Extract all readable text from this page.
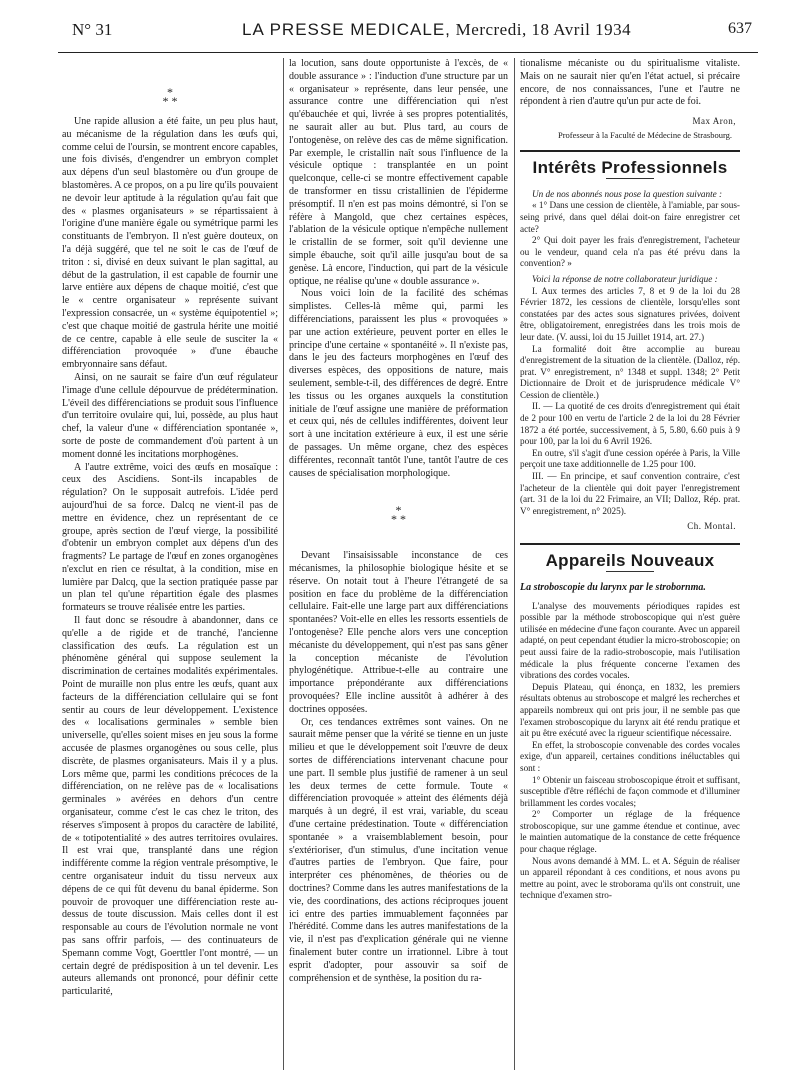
N° 31	LA PRESSE MEDICALE, Mercredi, 18 Avril 1934	637
*
* *

Une rapide allusion a été faite, un peu plus haut, au mécanisme de la régulation dans les œufs qui, comme celui de l'oursin, se montrent encore capables, une fois divisés, d'engendrer un embryon complet aux dépens d'un seul blastomère ou d'un groupe de blastomères. A ce propos, on a pu lire qu'ils pouvaient ne devoir leur aptitude à la régulation qu'au fait que des « plasmes organisateurs » se répartissaient à l'origine d'une manière égale ou symétrique parmi les constituants de l'embryon. Il n'est guère douteux, on l'a déjà suggéré, que tel ne soit le cas de l'œuf de triton : si, divisé en deux suivant le plan sagittal, au début de la gastrulation, il est capable de fournir une larve entière aux dépens de chaque moitié, c'est que le « centre organisateur » représente suivant l'expression consacrée, un « système équipotentiel »; c'est que chaque moitié de gastrula hérite une moitié de ce centre, capable à elle seule de susciter la « différenciation provoquée » d'une ébauche embryonnaire sans défaut.

Ainsi, on ne saurait se faire d'un œuf régulateur l'image d'une cellule dépourvue de prédétermination. L'éveil des différenciations se produit sous l'influence d'un territoire ovulaire qui, lui, possède, au plus haut chef, la valeur d'une « différenciation spontanée », sorte de poste de commandement d'où partent à un moment donné les incitations morphogènes.

A l'autre extrême, voici des œufs en mosaïque : ceux des Ascidiens. Sont-ils incapables de régulation? On le supposait autrefois. L'idée perd aujourd'hui de sa force. Dalcq ne vient-il pas de mettre en évidence, chez un représentant de ce groupe, après section de l'œuf vierge, la possibilité d'obtenir un embryon complet aux dépens d'un des fragments? Le partage de l'œuf en zones organogènes n'exclut en rien ce résultat, à la condition, mise en lumière par Dalcq, que la section pratiquée passe par un plan tel qu'une répartition égale des plasmes formateurs se trouve réalisée entre les parties.

Il faut donc se résoudre à abandonner, dans ce qu'elle a de rigide et de tranché, l'ancienne classification des œufs. La régulation est un phénomène général qui suppose seulement la discrimination de certaines modalités expérimentales. Point de muraille non plus entre les œufs, quant aux facteurs de la différenciation cellulaire qui se font sentir au cours de leur développement. L'existence des « localisations germinales » semble bien universelle, qu'elles soient mises en jeu sous la forme accusée de plasmes organogènes ou sous celle, plus discrète, de plasmes organisateurs. Mais il y a plus. Lors même que, parmi les conditions précoces de la différenciation, on ne relève pas de « localisations germinales » avérées en dehors d'un centre organisateur, comme c'est le cas chez le triton, des réserves s'imposent à propos du caractère de labilité, de « totipotentialité » des autres territoires ovulaires. Il est vrai que, transplanté dans une région indifférente comme la région ventrale présomptive, le centre organisateur induit du tissu nerveux aux dépens de ce qui fût devenu du banal épiderme. Son pouvoir de provoquer une différenciation reste au-dessus de toute discussion. Mais celles dont il est responsable au cours de l'évolution normale ne vont pas sans offrir parfois, — des continuateurs de Spemann comme Vogt, Goerttler l'ont montré, — un certain degré de prédisposition à un tel devenir. Les auteurs allemands ont prononcé, pour définir cette particularité,

la locution, sans doute opportuniste à l'excès, de « double assurance » : l'induction d'une structure par un « organisateur » représente, dans leur pensée, une assurance contre une différenciation qui n'est qu'ébauchée et qui, livrée à ses propres potentialités, ne saurait aller au but. Plus tard, au cours de l'ontogenèse, on relève des cas de même signification. Par exemple, le cristallin naît sous l'influence de la vésicule optique : transplantée en un point quelconque, celle-ci se montre effectivement capable de transformer en tissu cristallinien de l'épiderme présomptif. Il n'en est pas moins démontré, si l'on se réfère à Mangold, que chez certaines espèces, l'ablation de la vésicule optique n'empêche nullement le cristallin de se former, soit qu'il devienne une simple ébauche, soit qu'il aille jusqu'au bout de sa genèse. Là encore, l'induction, qui part de la vésicule optique, ne réalise qu'une « double assurance ».

Nous voici loin de la facilité des schémas simplistes. Celles-là même qui, parmi les différenciations, paraissent les plus « provoquées » par une action extérieure, peuvent porter en elles le principe d'une certaine « spontanéité ». Il n'existe pas, dans le jeu des facteurs morphogènes en l'œuf des diverses espèces, des oppositions de nature, mais seulement, semble-t-il, des différences de degré. Entre les tissus ou les organes auxquels la constitution initiale de l'œuf assigne une manière de préformation et ceux qui, nés de cellules indifférentes, doivent leur sort à une incitation extérieure à eux, il est une série de passages. Un même organe, chez des espèces différentes, reconnaît tantôt l'une, tantôt l'autre de ces causes de spécialisation morphologique.

*
* *

Devant l'insaisissable inconstance de ces mécanismes, la philosophie biologique hésite et se réserve. On notait tout à l'heure l'étrangeté de sa position en face du problème de la différenciation cellulaire. Fait-elle une large part aux différenciations spontanées? Voit-elle en elles les ressorts essentiels de l'ontogenèse? Elle penche alors vers une conception mécaniste du développement, qui n'est pas sans gêner la conception mécaniste de l'évolution phylogénétique. Attribue-t-elle au contraire une importance prépondérante aux différenciations provoquées? Elle incline aussitôt à adhérer à des doctrines opposées.

Or, ces tendances extrêmes sont vaines. On ne saurait même penser que la vérité se tienne en un juste milieu et que le développement soit l'œuvre de deux sortes de différenciations intervenant chacune pour une part. Il semble plus justifié de ramener à un seul les deux termes de cette formule. Toute « différenciation provoquée » atteint des éléments déjà marqués à un degré, il est vrai, variable, du sceau d'une certaine prédestination. Toute « différenciation spontanée » a vraisemblablement besoin, pour s'extérioriser, d'un stimulus, d'une incitation venue d'autres parties de l'embryon. Que faire, pour interpréter ces phénomènes, de théories ou de doctrines? Comme dans les autres manifestations de la vie, des coordinations, des actions réciproques jouent ici entre des parties immuablement façonnées par l'hérédité. Comme dans les autres manifestations de la vie, il n'est pas d'explication générale qui ne vienne finalement buter contre un irrationnel. Libre à tout esprit d'adopter, pour assouvir sa soif de compréhension et de synthèse, la position du ra-

tionalisme mécaniste ou du spiritualisme vitaliste. Mais on ne saurait nier qu'en l'état actuel, si précaire encore, de nos connaissances, l'une et l'autre ne répondent à rien d'autre qu'un pur acte de foi.

Max Aron,
Professeur à la Faculté de Médecine de Strasbourg.
Intérêts Professionnels

Un de nos abonnés nous pose la question suivante :

« 1° Dans une cession de clientèle, à l'amiable, par sous-seing privé, dans quel délai doit-on faire enregistrer cet acte?

2° Qui doit payer les frais d'enregistrement, l'acheteur ou le vendeur, quand cela n'a pas été prévu dans la convention? »

Voici la réponse de notre collaborateur juridique :

I. Aux termes des articles 7, 8 et 9 de la loi du 28 Février 1872, les cessions de clientèle, lorsqu'elles sont constatées par des actes sous signatures privées, doivent être, obligatoirement, enregistrées dans les trois mois de leur date. (V. aussi, loi du 15 Juillet 1914, art. 27.)

La formalité doit être accomplie au bureau d'enregistrement de la situation de la clientèle. (Dalloz, rép. prat. V° enregistrement, n° 1348 et suppl. 1348; 2° Petit Dictionnaire de Droit et de jurisprudence médicale V° Cession de clientèle.)

II. — La quotité de ces droits d'enregistrement qui était de 2 pour 100 en vertu de l'article 2 de la loi du 28 Février 1872 a été portée, successivement, à 5, 5.80, 6.60 puis à 9 pour 100, par la loi du 6 Avril 1926.

En outre, s'il s'agit d'une cession opérée à Paris, la Ville perçoit une taxe additionnelle de 1.25 pour 100.

III. — En principe, et sauf convention contraire, c'est l'acheteur de la clientèle qui doit payer l'enregistrement (art. 31 de la loi du 22 Frimaire, an VII; Dalloz, Rép. prat. V° enregistrement, n° 2025).

Ch. Montal.
Appareils Nouveaux

La stroboscopie du larynx par le strobornma.

L'analyse des mouvements périodiques rapides est possible par la méthode stroboscopique qui n'est guère utilisée en médecine d'une façon courante. Avec un appareil adapté, on peut cependant étudier la micro-stroboscopie; on peut aussi faire de la radio-stroboscopie, mais l'utilisation médicale la plus fréquente concerne l'examen des vibrations des cordes vocales.

Depuis Plateau, qui énonça, en 1832, les premiers résultats obtenus au stroboscope et malgré les recherches et appareils nombreux qui ont pris jour, il ne semble pas que l'examen stroboscopique du larynx ait été rendu pratique et ait pu être exécuté avec la rigueur scientifique nécessaire.

En effet, la stroboscopie convenable des cordes vocales exige, d'un appareil, certaines conditions inéluctables qui sont :

1° Obtenir un faisceau stroboscopique étroit et suffisant, susceptible d'être réfléchi de façon commode et d'illuminer brillamment les cordes vocales;

2° Comporter un réglage de la fréquence stroboscopique, sur une gamme étendue et continue, avec le maintien automatique de la constance de cette fréquence pour chaque réglage.

Nous avons demandé à MM. L. et A. Séguin de réaliser un appareil répondant à ces conditions, et nous avons pu mettre au point, avec le stroborama qu'ils ont construit, une technique d'examen stro-
